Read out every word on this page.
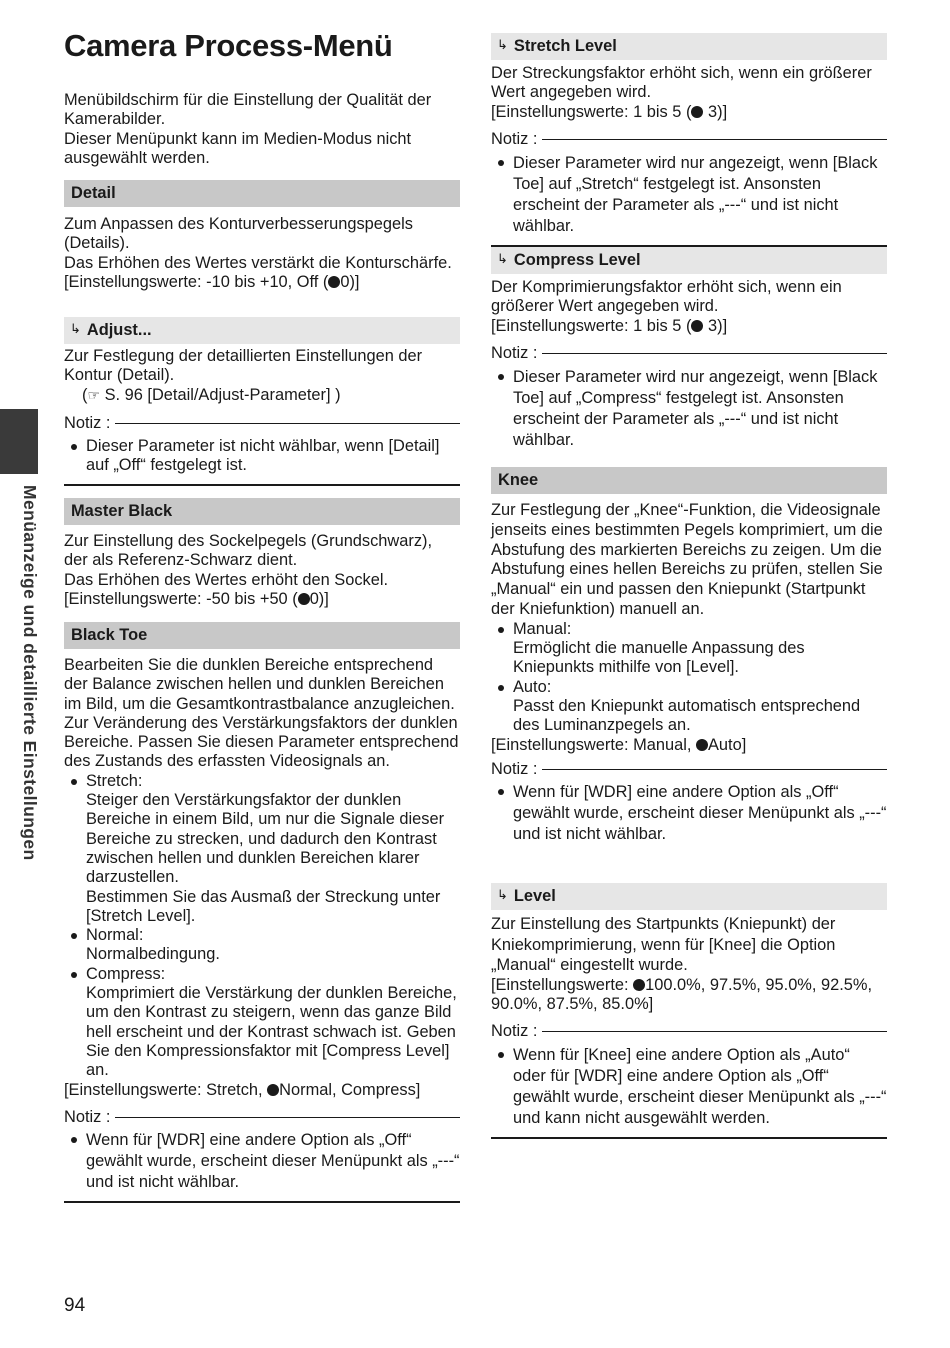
Camera Process-Menü
Menüanzeige und detaillierte Einstellungen

Menübildschirm für die Einstellung der Qualität der Kamerabilder.

Dieser Menüpunkt kann im Medien-Modus nicht ausgewählt werden.

Detail

Zum Anpassen des Konturverbesserungspegels (Details).

Das Erhöhen des Wertes verstärkt die Konturschärfe.

[Einstellungswerte: -10 bis +10, Off ( 0)]

↳ Adjust...

Zur Festlegung der detaillierten Einstellungen der Kontur (Detail).

(☞ S. 96 [Detail/Adjust-Parameter] )

Notiz :
Dieser Parameter ist nicht wählbar, wenn [Detail] auf „Off“ festgelegt ist.
Master Black

Zur Einstellung des Sockelpegels (Grundschwarz), der als Referenz-Schwarz dient.

Das Erhöhen des Wertes erhöht den Sockel.

[Einstellungswerte: -50 bis +50 ( 0)]

Black Toe

Bearbeiten Sie die dunklen Bereiche entsprechend der Balance zwischen hellen und dunklen Bereichen im Bild, um die Gesamtkontrastbalance anzugleichen.

Zur Veränderung des Verstärkungsfaktors der dunklen Bereiche. Passen Sie diesen Parameter entsprechend des Zustands des erfassten Videosignals an.

Stretch:
Steiger den Verstärkungsfaktor der dunklen Bereiche in einem Bild, um nur die Signale dieser Bereiche zu strecken, und dadurch den Kontrast zwischen hellen und dunklen Bereichen klarer darzustellen.
Bestimmen Sie das Ausmaß der Streckung unter [Stretch Level].
Normal:
Normalbedingung.
Compress:
Komprimiert die Verstärkung der dunklen Bereiche, um den Kontrast zu steigern, wenn das ganze Bild hell erscheint und der Kontrast schwach ist. Geben Sie den Kompressionsfaktor mit [Compress Level] an.

[Einstellungswerte: Stretch, Normal, Compress]

Notiz :
Wenn für [WDR] eine andere Option als „Off“ gewählt wurde, erscheint dieser Menüpunkt als „---“ und ist nicht wählbar.
↳ Stretch Level

Der Streckungsfaktor erhöht sich, wenn ein größerer Wert angegeben wird.

[Einstellungswerte: 1 bis 5 ( 3)]

Notiz :
Dieser Parameter wird nur angezeigt, wenn [Black Toe] auf „Stretch“ festgelegt ist. Ansonsten erscheint der Parameter als „---“ und ist nicht wählbar.
↳ Compress Level

Der Komprimierungsfaktor erhöht sich, wenn ein größerer Wert angegeben wird.

[Einstellungswerte: 1 bis 5 ( 3)]

Notiz :
Dieser Parameter wird nur angezeigt, wenn [Black Toe] auf „Compress“ festgelegt ist. Ansonsten erscheint der Parameter als „---“ und ist nicht wählbar.
Knee

Zur Festlegung der „Knee“-Funktion, die Videosignale jenseits eines bestimmten Pegels komprimiert, um die Abstufung des markierten Bereichs zu zeigen. Um die Abstufung eines hellen Bereichs zu prüfen, stellen Sie „Manual“ ein und passen den Kniepunkt (Startpunkt der Kniefunktion) manuell an.

Manual:
Ermöglicht die manuelle Anpassung des Kniepunkts mithilfe von [Level].
Auto:
Passt den Kniepunkt automatisch entsprechend des Luminanzpegels an.

[Einstellungswerte: Manual, Auto]

Notiz :
Wenn für [WDR] eine andere Option als „Off“ gewählt wurde, erscheint dieser Menüpunkt als „---“ und ist nicht wählbar.
↳ Level

Zur Einstellung des Startpunkts (Kniepunkt) der Kniekomprimierung, wenn für [Knee] die Option „Manual“ eingestellt wurde.

[Einstellungswerte: 100.0%, 97.5%, 95.0%, 92.5%, 90.0%, 87.5%, 85.0%]

Notiz :
Wenn für [Knee] eine andere Option als „Auto“ oder für [WDR] eine andere Option als „Off“ gewählt wurde, erscheint dieser Menüpunkt als „---“ und kann nicht ausgewählt werden.
94
